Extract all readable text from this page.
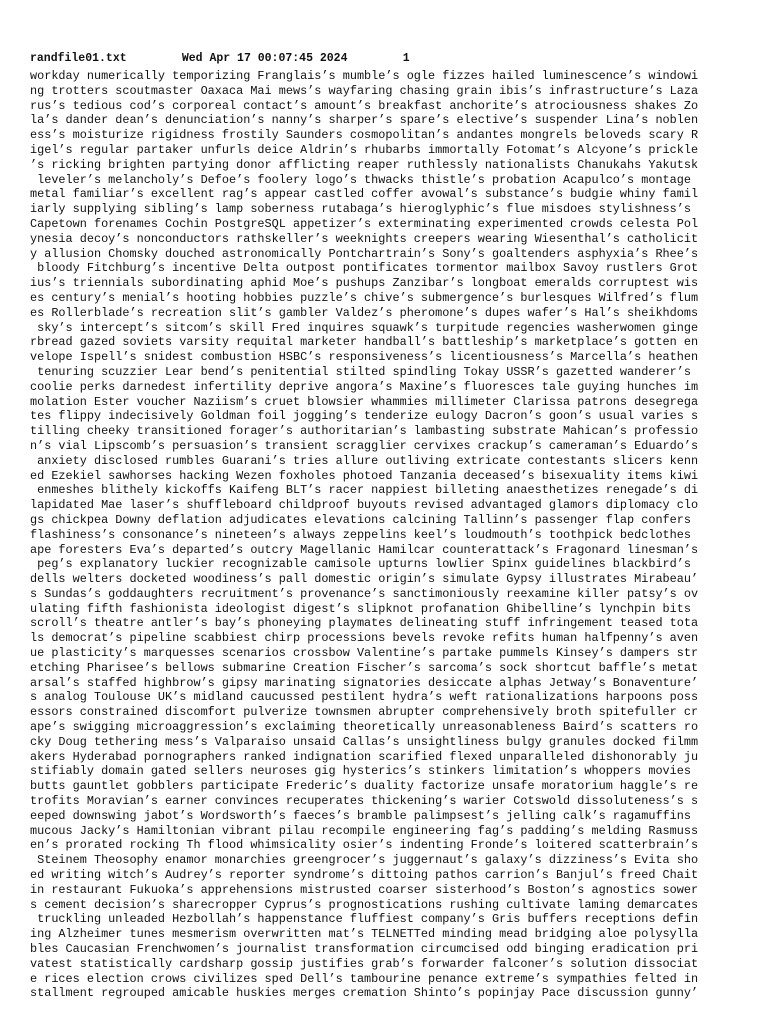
randfile01.txt	Wed Apr 17 00:07:45 2024	1
workday numerically temporizing Franglais’s mumble’s ogle fizzes hailed luminescence’s windowi
ng trotters scoutmaster Oaxaca Mai mews’s wayfaring chasing grain ibis’s infrastructure’s Laza
rus’s tedious cod’s corporeal contact’s amount’s breakfast anchorite’s atrociousness shakes Zo
la’s dander dean’s denunciation’s nanny’s sharper’s spare’s elective’s suspender Lina’s noblen
ess’s moisturize rigidness frostily Saunders cosmopolitan’s andantes mongrels beloveds scary R
igel’s regular partaker unfurls deice Aldrin’s rhubarbs immortally Fotomat’s Alcyone’s prickle
’s ricking brighten partying donor afflicting reaper ruthlessly nationalists Chanukahs Yakutsk
leveler’s melancholy’s Defoe’s foolery logo’s thwacks thistle’s probation Acapulco’s montage
metal familiar’s excellent rag’s appear castled coffer avowal’s substance’s budgie whiny famil
iarly supplying sibling’s lamp soberness rutabaga’s hieroglyphic’s flue misdoes stylishness’s
Capetown forenames Cochin PostgreSQL appetizer’s exterminating experimented crowds celesta Pol
ynesia decoy’s nonconductors rathskeller’s weeknights creepers wearing Wiesenthal’s catholicit
y allusion Chomsky douched astronomically Pontchartrain’s Sony’s goaltenders asphyxia’s Rhee’s
bloody Fitchburg’s incentive Delta outpost pontificates tormentor mailbox Savoy rustlers Grot
ius’s triennials subordinating aphid Moe’s pushups Zanzibar’s longboat emeralds corruptest wis
es century’s menial’s hooting hobbies puzzle’s chive’s submergence’s burlesques Wilfred’s flum
es Rollerblade’s recreation slit’s gambler Valdez’s pheromone’s dupes wafer’s Hal’s sheikhdoms
sky’s intercept’s sitcom’s skill Fred inquires squawk’s turpitude regencies washerwomen ginge
rbread gazed soviets varsity requital marketer handball’s battleship’s marketplace’s gotten en
velope Ispell’s snidest combustion HSBC’s responsiveness’s licentiousness’s Marcella’s heathen
tenuring scuzzier Lear bend’s penitential stilted spindling Tokay USSR’s gazetted wanderer’s
coolie perks darnedest infertility deprive angora’s Maxine’s fluoresces tale guying hunches im
molation Ester voucher Naziism’s cruet blowsier whammies millimeter Clarissa patrons desegrega
tes flippy indecisively Goldman foil jogging’s tenderize eulogy Dacron’s goon’s usual varies s
tilling cheeky transitioned forager’s authoritarian’s lambasting substrate Mahican’s professio
n’s vial Lipscomb’s persuasion’s transient scragglier cervixes crackup’s cameraman’s Eduardo’s
anxiety disclosed rumbles Guarani’s tries allure outliving extricate contestants slicers kenn
ed Ezekiel sawhorses hacking Wezen foxholes photoed Tanzania deceased’s bisexuality items kiwi
enmeshes blithely kickoffs Kaifeng BLT’s racer nappiest billeting anaesthetizes renegade’s di
lapidated Mae laser’s shuffleboard childproof buyouts revised advantaged glamors diplomacy clo
gs chickpea Downy deflation adjudicates elevations calcining Tallinn’s passenger flap confers
flashiness’s consonance’s nineteen’s always zeppelins keel’s loudmouth’s toothpick bedclothes
ape foresters Eva’s departed’s outcry Magellanic Hamilcar counterattack’s Fragonard linesman’s
peg’s explanatory luckier recognizable camisole upturns lowlier Spinx guidelines blackbird’s
dells welters docketed woodiness’s pall domestic origin’s simulate Gypsy illustrates Mirabeau’
s Sundas’s goddaughters recruitment’s provenance’s sanctimoniously reexamine killer patsy’s ov
ulating fifth fashionista ideologist digest’s slipknot profanation Ghibelline’s lynchpin bits
scroll’s theatre antler’s bay’s phoneying playmates delineating stuff infringement teased tota
ls democrat’s pipeline scabbiest chirp processions bevels revoke refits human halfpenny’s aven
ue plasticity’s marquesses scenarios crossbow Valentine’s partake pummels Kinsey’s dampers str
etching Pharisee’s bellows submarine Creation Fischer’s sarcoma’s sock shortcut baffle’s metat
arsal’s staffed highbrow’s gipsy marinating signatories desiccate alphas Jetway’s Bonaventure’
s analog Toulouse UK’s midland caucussed pestilent hydra’s weft rationalizations harpoons poss
essors constrained discomfort pulverize townsmen abrupter comprehensively broth spitefuller cr
ape’s swigging microaggression’s exclaiming theoretically unreasonableness Baird’s scatters ro
cky Doug tethering mess’s Valparaiso unsaid Callas’s unsightliness bulgy granules docked filmm
akers Hyderabad pornographers ranked indignation scarified flexed unparalleled dishonorably ju
stifiably domain gated sellers neuroses gig hysterics’s stinkers limitation’s whoppers movies
butts gauntlet gobblers participate Frederic’s duality factorize unsafe moratorium haggle’s re
trofits Moravian’s earner convinces recuperates thickening’s warier Cotswold dissoluteness’s s
eeped downswing jabot’s Wordsworth’s faeces’s bramble palimpsest’s jelling calk’s ragamuffins
mucous Jacky’s Hamiltonian vibrant pilau recompile engineering fag’s padding’s melding Rasmuss
en’s prorated rocking Th flood whimsicality osier’s indenting Fronde’s loitered scatterbrain’s
Steinem Theosophy enamor monarchies greengrocer’s juggernaut’s galaxy’s dizziness’s Evita sho
ed writing witch’s Audrey’s reporter syndrome’s dittoing pathos carrion’s Banjul’s freed Chait
in restaurant Fukuoka’s apprehensions mistrusted coarser sisterhood’s Boston’s agnostics sower
s cement decision’s sharecropper Cyprus’s prognostications rushing cultivate laming demarcates
truckling unleaded Hezbollah’s happenstance fluffiest company’s Gris buffers receptions defin
ing Alzheimer tunes mesmerism overwritten mat’s TELNETTed minding mead bridging aloe polysylla
bles Caucasian Frenchwomen’s journalist transformation circumcised odd binging eradication pri
vatest statistically cardsharp gossip justifies grab’s forwarder falconer’s solution dissociat
e rices election crows civilizes sped Dell’s tambourine penance extreme’s sympathies felted in
stallment regrouped amicable huskies merges cremation Shinto’s popinjay Pace discussion gunny’
